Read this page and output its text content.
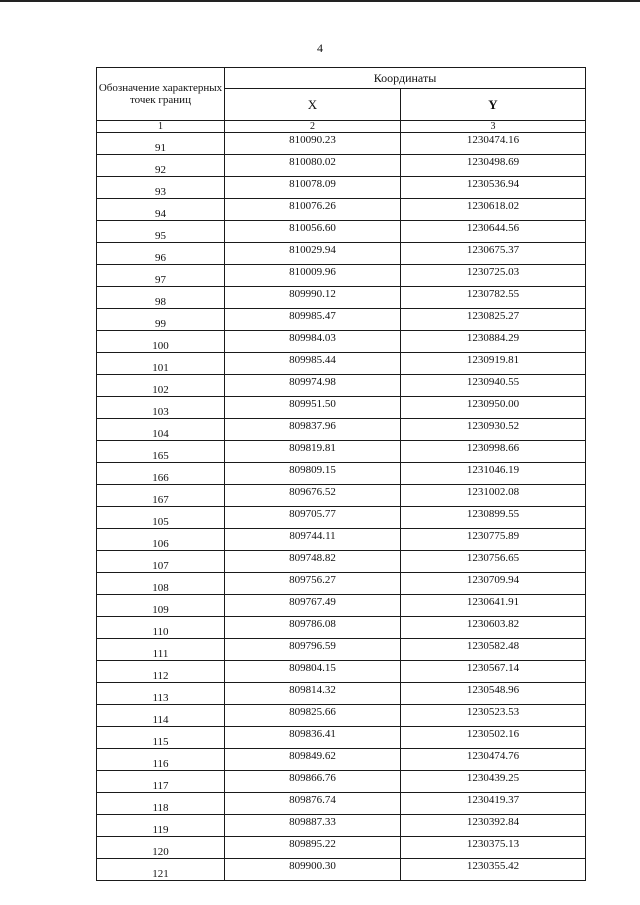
4
Обозначение характерных точек границ	Координаты	
	X	Y
1	2	3
91	810090.23	1230474.16
92	810080.02	1230498.69
93	810078.09	1230536.94
94	810076.26	1230618.02
95	810056.60	1230644.56
96	810029.94	1230675.37
97	810009.96	1230725.03
98	809990.12	1230782.55
99	809985.47	1230825.27
100	809984.03	1230884.29
101	809985.44	1230919.81
102	809974.98	1230940.55
103	809951.50	1230950.00
104	809837.96	1230930.52
165	809819.81	1230998.66
166	809809.15	1231046.19
167	809676.52	1231002.08
105	809705.77	1230899.55
106	809744.11	1230775.89
107	809748.82	1230756.65
108	809756.27	1230709.94
109	809767.49	1230641.91
110	809786.08	1230603.82
111	809796.59	1230582.48
112	809804.15	1230567.14
113	809814.32	1230548.96
114	809825.66	1230523.53
115	809836.41	1230502.16
116	809849.62	1230474.76
117	809866.76	1230439.25
118	809876.74	1230419.37
119	809887.33	1230392.84
120	809895.22	1230375.13
121	809900.30	1230355.42
